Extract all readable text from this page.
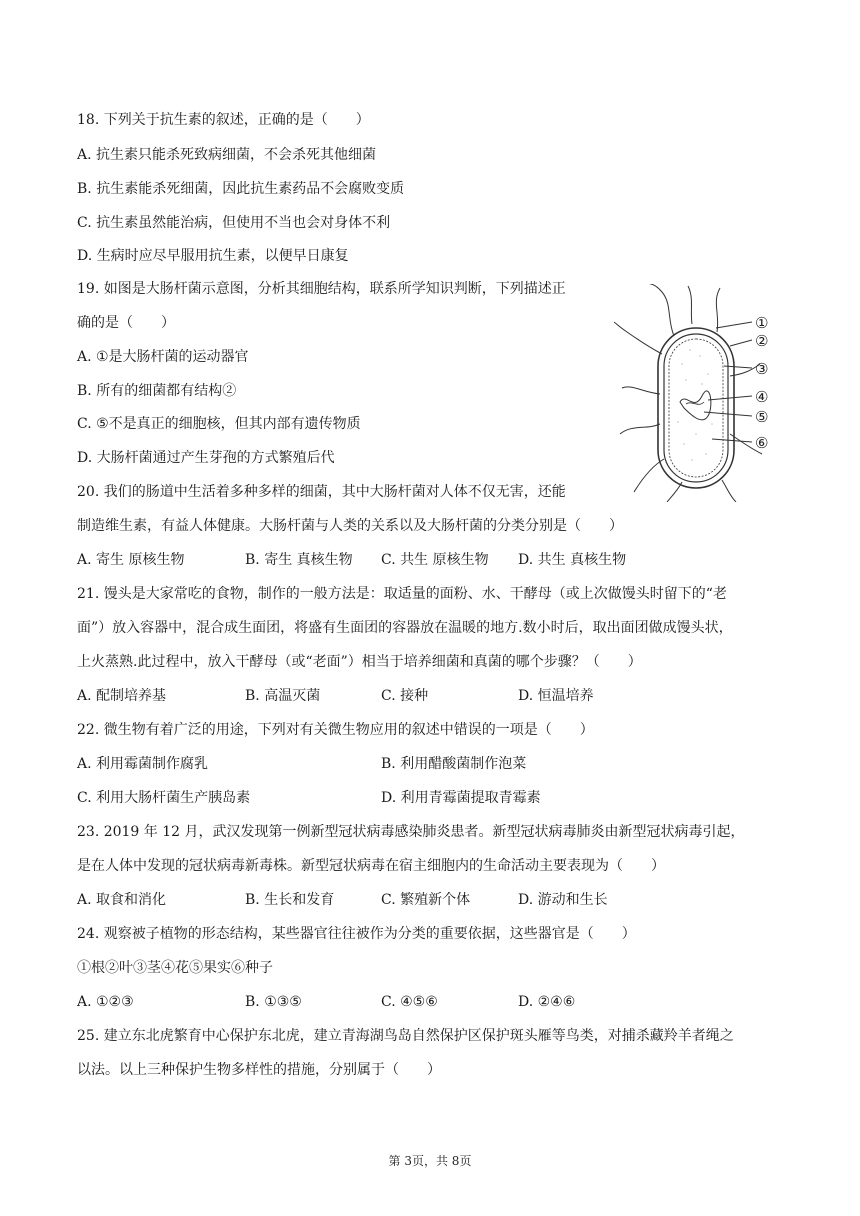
18. 下列关于抗生素的叙述，正确的是（　　）
A. 抗生素只能杀死致病细菌，不会杀死其他细菌
B. 抗生素能杀死细菌，因此抗生素药品不会腐败变质
C. 抗生素虽然能治病，但使用不当也会对身体不利
D. 生病时应尽早服用抗生素，以便早日康复
19. 如图是大肠杆菌示意图，分析其细胞结构，联系所学知识判断，下列描述正
确的是（　　）
A. ①是大肠杆菌的运动器官
B. 所有的细菌都有结构②
C. ⑤不是真正的细胞核，但其内部有遗传物质
D. 大肠杆菌通过产生芽孢的方式繁殖后代
①
②
③
④
⑤
⑥
20. 我们的肠道中生活着多种多样的细菌，其中大肠杆菌对人体不仅无害，还能
制造维生素，有益人体健康。大肠杆菌与人类的关系以及大肠杆菌的分类分别是（　　）
A. 寄生 原核生物	B. 寄生 真核生物 C. 共生 原核生物 D. 共生 真核生物
21. 馒头是大家常吃的食物，制作的一般方法是：取适量的面粉、水、干酵母（或上次做馒头时留下的“老
面”）放入容器中，混合成生面团，将盛有生面团的容器放在温暖的地方.数小时后，取出面团做成馒头状，
上火蒸熟.此过程中，放入干酵母（或“老面”）相当于培养细菌和真菌的哪个步骤？（　　）
A. 配制培养基	B. 高温灭菌	C. 接种	D. 恒温培养
22. 微生物有着广泛的用途，下列对有关微生物应用的叙述中错误的一项是（　　）
A. 利用霉菌制作腐乳	B. 利用醋酸菌制作泡菜
C. 利用大肠杆菌生产胰岛素	D. 利用青霉菌提取青霉素
23. 2019 年 12 月，武汉发现第一例新型冠状病毒感染肺炎患者。新型冠状病毒肺炎由新型冠状病毒引起，
是在人体中发现的冠状病毒新毒株。新型冠状病毒在宿主细胞内的生命活动主要表现为（　　）
A. 取食和消化	B. 生长和发育	C. 繁殖新个体	D. 游动和生长
24. 观察被子植物的形态结构，某些器官往往被作为分类的重要依据，这些器官是（　　）
①根②叶③茎④花⑤果实⑥种子
A. ①②③	B. ①③⑤	C. ④⑤⑥	D. ②④⑥
25. 建立东北虎繁育中心保护东北虎，建立青海湖鸟岛自然保护区保护斑头雁等鸟类，对捕杀藏羚羊者绳之
以法。以上三种保护生物多样性的措施，分别属于（　　）
第 3页，共 8页
